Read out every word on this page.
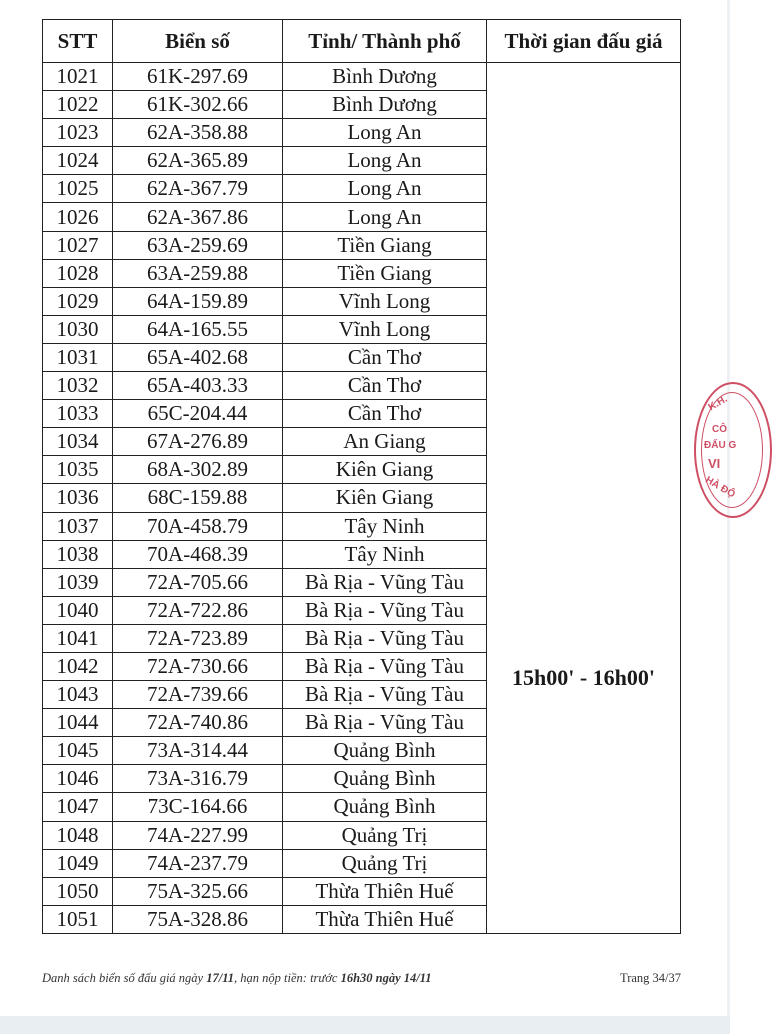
STT	Biển số	Tỉnh/ Thành phố	Thời gian đấu giá
1021	61K-297.69	Bình Dương	15h00' - 16h00'
1022	61K-302.66	Bình Dương	
1023	62A-358.88	Long An	
1024	62A-365.89	Long An	
1025	62A-367.79	Long An	
1026	62A-367.86	Long An	
1027	63A-259.69	Tiền Giang	
1028	63A-259.88	Tiền Giang	
1029	64A-159.89	Vĩnh Long	
1030	64A-165.55	Vĩnh Long	
1031	65A-402.68	Cần Thơ	
1032	65A-403.33	Cần Thơ	
1033	65C-204.44	Cần Thơ	
1034	67A-276.89	An Giang	
1035	68A-302.89	Kiên Giang	
1036	68C-159.88	Kiên Giang	
1037	70A-458.79	Tây Ninh	
1038	70A-468.39	Tây Ninh	
1039	72A-705.66	Bà Rịa - Vũng Tàu	
1040	72A-722.86	Bà Rịa - Vũng Tàu	
1041	72A-723.89	Bà Rịa - Vũng Tàu	
1042	72A-730.66	Bà Rịa - Vũng Tàu	
1043	72A-739.66	Bà Rịa - Vũng Tàu	
1044	72A-740.86	Bà Rịa - Vũng Tàu	
1045	73A-314.44	Quảng Bình	
1046	73A-316.79	Quảng Bình	
1047	73C-164.66	Quảng Bình	
1048	74A-227.99	Quảng Trị	
1049	74A-237.79	Quảng Trị	
1050	75A-325.66	Thừa Thiên Huế	
1051	75A-328.86	Thừa Thiên Huế	
Danh sách biển số đấu giá ngày 17/11, hạn nộp tiền: trước 16h30 ngày 14/11	Trang 34/37
K.H.
CÔ
ĐẤU G
VI
HÀ ĐỘ
